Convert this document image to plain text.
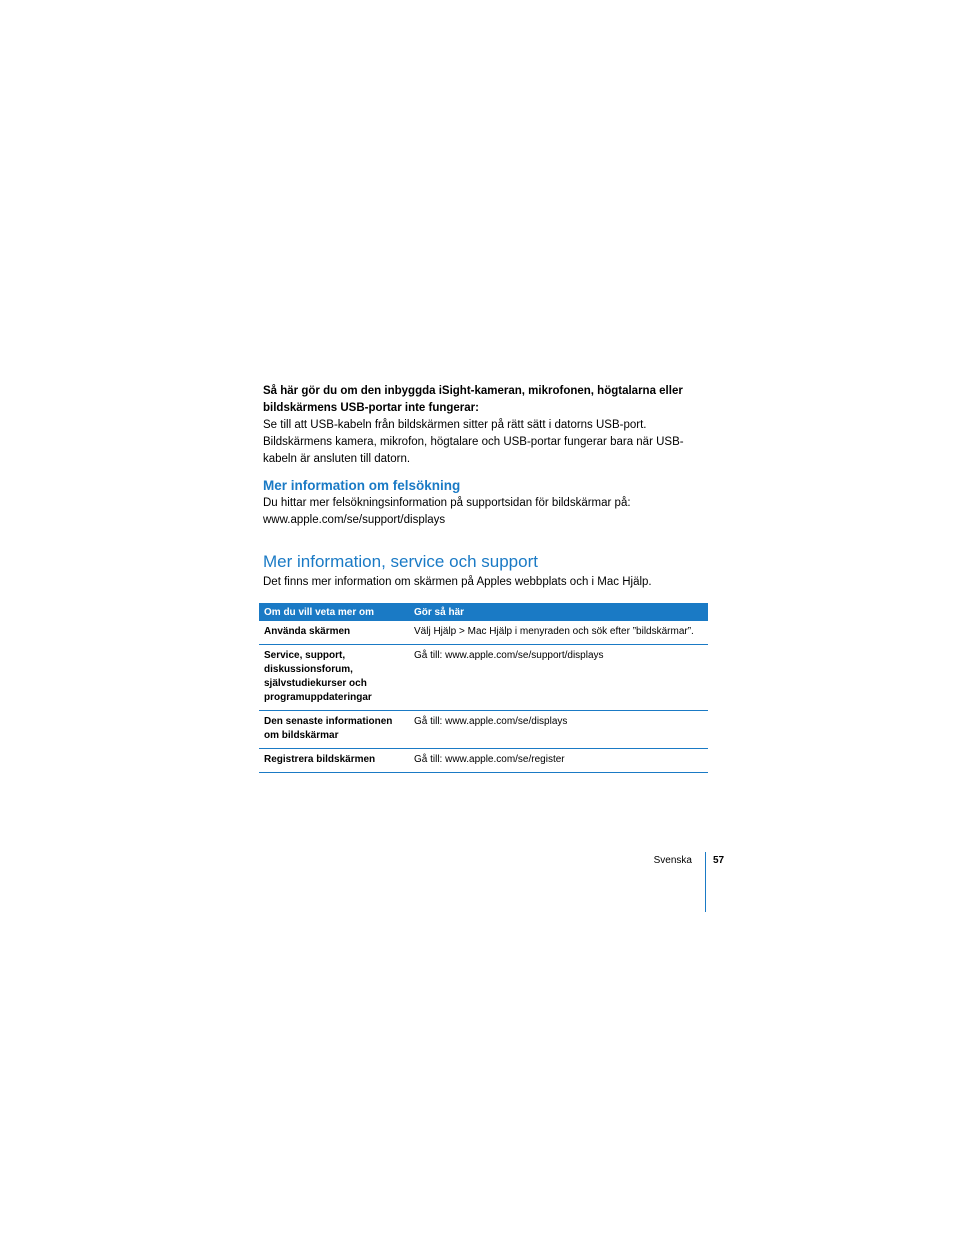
Så här gör du om den inbyggda iSight-kameran, mikrofonen, högtalarna eller bildskärmens USB-portar inte fungerar:
Se till att USB-kabeln från bildskärmen sitter på rätt sätt i datorns USB-port. Bildskärmens kamera, mikrofon, högtalare och USB-portar fungerar bara när USB-kabeln är ansluten till datorn.
Mer information om felsökning
Du hittar mer felsökningsinformation på supportsidan för bildskärmar på: www.apple.com/se/support/displays
Mer information, service och support
Det finns mer information om skärmen på Apples webbplats och i Mac Hjälp.
Om du vill veta mer om	Gör så här
Använda skärmen	Välj Hjälp > Mac Hjälp i menyraden och sök efter ”bildskärmar”.
Service, support, diskussionsforum, självstudiekurser och programuppdateringar	Gå till: www.apple.com/se/support/displays
Den senaste informationen om bildskärmar	Gå till: www.apple.com/se/displays
Registrera bildskärmen	Gå till: www.apple.com/se/register
Svenska 57
